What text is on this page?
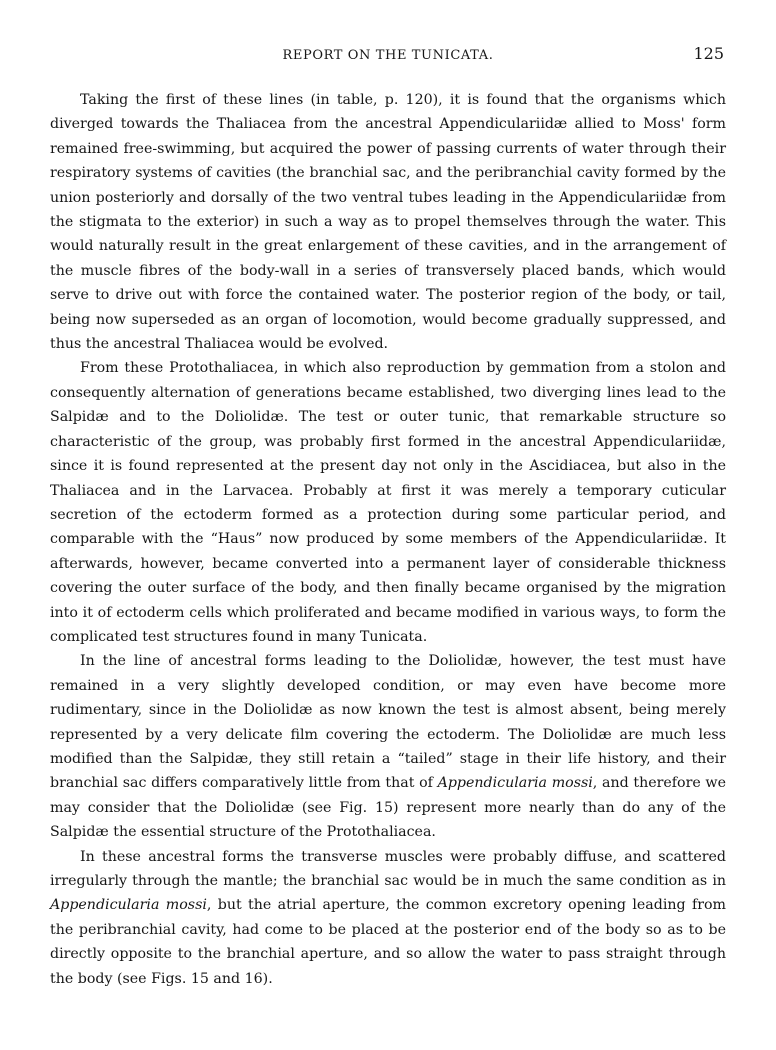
REPORT ON THE TUNICATA.	125

Taking the first of these lines (in table, p. 120), it is found that the organisms which diverged towards the Thaliacea from the ancestral Appendiculariidæ allied to Moss' form remained free-swimming, but acquired the power of passing currents of water through their respiratory systems of cavities (the branchial sac, and the peribranchial cavity formed by the union posteriorly and dorsally of the two ventral tubes leading in the Appendiculariidæ from the stigmata to the exterior) in such a way as to propel themselves through the water. This would naturally result in the great enlargement of these cavities, and in the arrangement of the muscle fibres of the body-wall in a series of transversely placed bands, which would serve to drive out with force the contained water. The posterior region of the body, or tail, being now superseded as an organ of locomotion, would become gradually suppressed, and thus the ancestral Thaliacea would be evolved.

From these Protothaliacea, in which also reproduction by gemmation from a stolon and consequently alternation of generations became established, two diverging lines lead to the Salpidæ and to the Doliolidæ. The test or outer tunic, that remarkable structure so characteristic of the group, was probably first formed in the ancestral Appendiculariidæ, since it is found represented at the present day not only in the Ascidiacea, but also in the Thaliacea and in the Larvacea. Probably at first it was merely a temporary cuticular secretion of the ectoderm formed as a protection during some particular period, and comparable with the “Haus” now produced by some members of the Appendiculariidæ. It afterwards, however, became converted into a permanent layer of considerable thickness covering the outer surface of the body, and then finally became organised by the migration into it of ectoderm cells which proliferated and became modified in various ways, to form the complicated test structures found in many Tunicata.

In the line of ancestral forms leading to the Doliolidæ, however, the test must have remained in a very slightly developed condition, or may even have become more rudimentary, since in the Doliolidæ as now known the test is almost absent, being merely represented by a very delicate film covering the ectoderm. The Doliolidæ are much less modified than the Salpidæ, they still retain a “tailed” stage in their life history, and their branchial sac differs comparatively little from that of Appendicularia mossi, and therefore we may consider that the Doliolidæ (see Fig. 15) represent more nearly than do any of the Salpidæ the essential structure of the Protothaliacea.

In these ancestral forms the transverse muscles were probably diffuse, and scattered irregularly through the mantle; the branchial sac would be in much the same condition as in Appendicularia mossi, but the atrial aperture, the common excretory opening leading from the peribranchial cavity, had come to be placed at the posterior end of the body so as to be directly opposite to the branchial aperture, and so allow the water to pass straight through the body (see Figs. 15 and 16).
